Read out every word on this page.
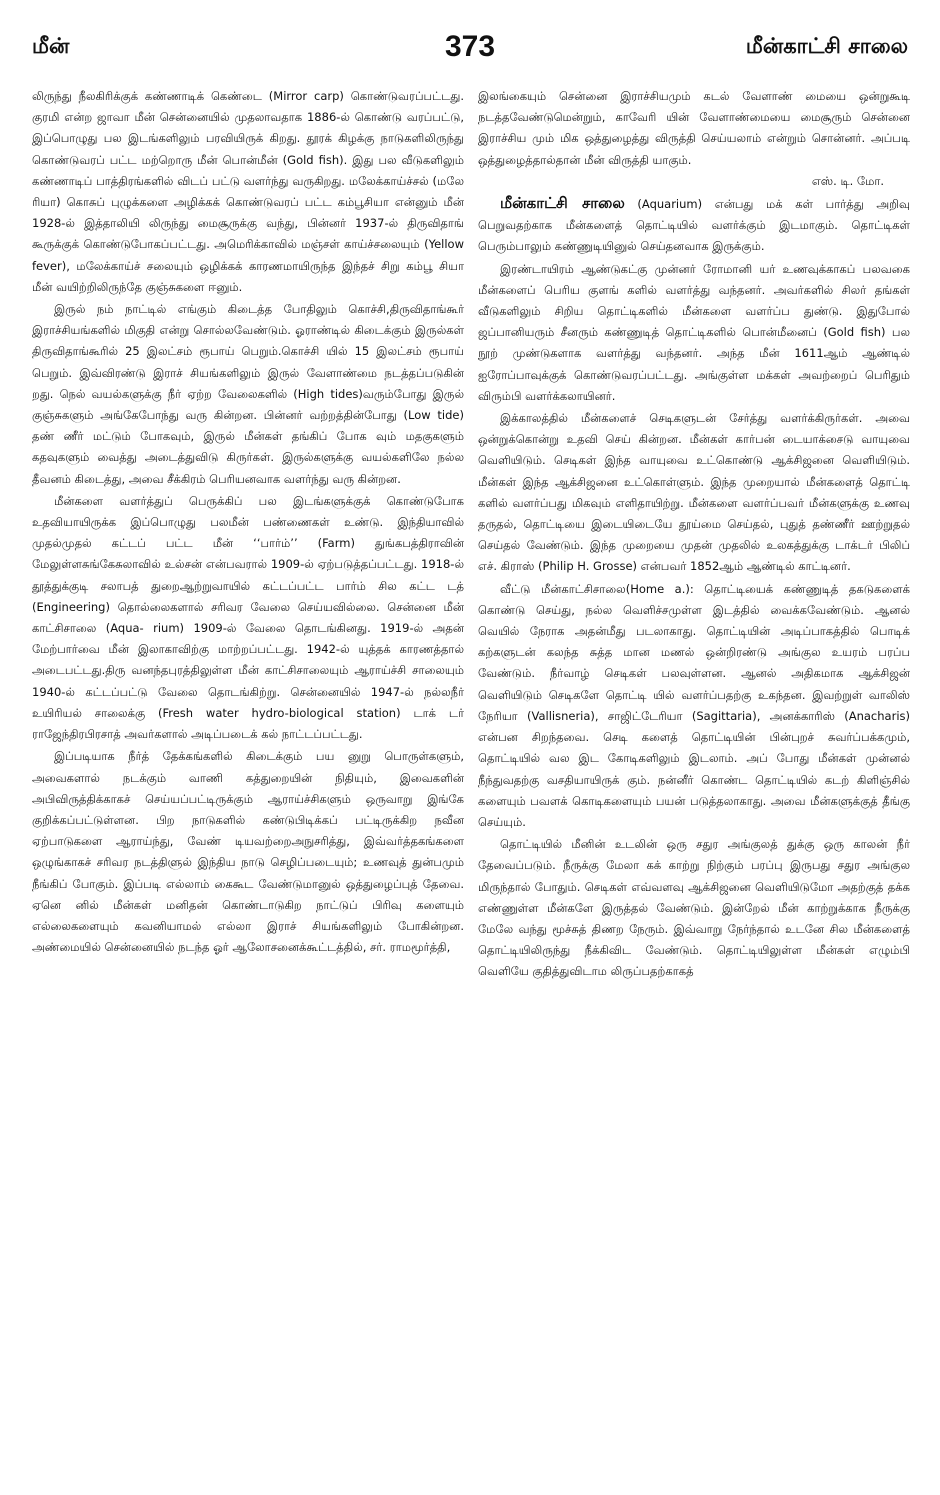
மீன்	373	மீன்காட்சி சாலை

லிருந்து நீலகிரிக்குக் கண்ணாடிக் கெண்டை (Mirror carp) கொண்டுவரப்பட்டது. குரமி என்ற ஜாவா மீன் சென்னையில் முதலாவதாக 1886-ல் கொண்டு வரப்பட்டு, இப்பொழுது பல இடங்களிலும் பரவியிருக் கிறது. தூரக் கிழக்கு நாடுகளிலிருந்து கொண்டுவரப் பட்ட மற்றொரு மீன் பொன்மீன் (Gold fish). இது பல வீடுகளிலும் கண்ணாடிப் பாத்திரங்களில் விடப் பட்டு வளர்ந்து வருகிறது. மலேக்காய்ச்சல் (மலே ரியா) கொசுப் புழுக்களை அழிக்கக் கொண்டுவரப் பட்ட கம்பூசியா என்னும் மீன் 1928-ல் இத்தாலியி லிருந்து மைசூருக்கு வந்து, பின்னர் 1937-ல் திருவிதாங் கூருக்குக் கொண்டுபோகப்பட்டது. அமெரிக்காவில் மஞ்சள் காய்ச்சலையும் (Yellow fever), மலேக்காய்ச் சலையும் ஒழிக்கக் காரணமாயிருந்த இந்தச் சிறு கம்பூ சியா மீன் வயிற்றிலிருந்தே குஞ்சுகளை ஈனும்.

இருல் நம் நாட்டில் எங்கும் கிடைத்த போதிலும் கொச்சி,திருவிதாங்கூர் இராச்சியங்களில் மிகுதி என்று சொல்லவேண்டும். ஓராண்டில் கிடைக்கும் இருல்கள் திருவிதாங்கூரில் 25 இலட்சம் ரூபாய் பெறும்.கொச்சி யில் 15 இலட்சம் ரூபாய் பெறும். இவ்விரண்டு இராச் சியங்களிலும் இருல் வேளாண்மை நடத்தப்படுகின் றது. நெல் வயல்களுக்கு நீர் ஏற்ற வேலைகளில் (High tides)வரும்போது இருல் குஞ்சுகளும் அங்கேபோந்து வரு கின்றன. பின்னர் வற்றத்தின்போது (Low tide) தண் ணீர் மட்டும் போகவும், இருல் மீன்கள் தங்கிப் போக வும் மதகுகளும் கதவுகளும் வைத்து அடைத்துவிடு கிருர்கள். இருல்களுக்கு வயல்களிலே நல்ல தீவனம் கிடைத்து, அவை சீக்கிரம் பெரியனவாக வளர்ந்து வரு கின்றன.

மீன்களை வளர்த்துப் பெருக்கிப் பல இடங்களுக்குக் கொண்டுபோக உதவியாயிருக்க இப்பொழுது பலமீன் பண்ணைகள் உண்டு. இந்தியாவில் முதல்முதல் கட்டப் பட்ட மீன் ‘‘பார்ம்’’ (Farm) துங்கபத்திராவின் மேலுள்ளசுங்கேசுலாவில் உல்சன் என்பவரால் 1909-ல் ஏற்படுத்தப்பட்டது. 1918-ல் தூத்துக்குடி சலாபத் துறைஆற்றுவாயில் கட்டப்பட்ட பார்ம் சில கட்ட டத் (Engineering) தொல்லைகளால் சரிவர வேலை செய்யவில்லை. சென்னை மீன் காட்சிசாலை (Aqua- rium) 1909-ல் வேலை தொடங்கினது. 1919-ல் அதன் மேற்பார்வை மீன் இலாகாவிற்கு மாற்றப்பட்டது. 1942-ல் யுத்தக் காரணத்தால் அடைபட்டது.திரு வனந்தபுரத்திலுள்ள மீன் காட்சிசாலையும் ஆராய்ச்சி சாலையும் 1940-ல் கட்டப்பட்டு வேலை தொடங்கிற்று. சென்னையில் 1947-ல் நல்லநீர் உயிரியல் சாலைக்கு (Fresh water hydro-biological station) டாக் டர் ராஜேந்திரபிரசாத் அவர்களால் அடிப்படைக் கல் நாட்டப்பட்டது.

இப்படியாக நீர்த் தேக்கங்களில் கிடைக்கும் பய னுறு பொருள்களும், அவைகளால் நடக்கும் வாணி கத்துறையின் நிதியும், இவைகளின் அபிவிருத்திக்காகச் செய்யப்பட்டிருக்கும் ஆராய்ச்சிகளும் ஒருவாறு இங்கே குறிக்கப்பட்டுள்ளன. பிற நாடுகளில் கண்டுபிடிக்கப் பட்டிருக்கிற நவீன ஏற்பாடுகளை ஆராய்ந்து, வேண் டியவற்றைஅநுசரித்து, இவ்வர்த்தகங்களை ஒழுங்காகச் சரிவர நடத்திளுல் இந்திய நாடு செழிப்படையும்; உணவுத் துன்பமும் நீங்கிப் போகும். இப்படி எல்லாம் கைகூட வேண்டுமானுல் ஒத்துழைப்புத் தேவை. ஏனெ னில் மீன்கள் மனிதன் கொண்டாடுகிற நாட்டுப் பிரிவு களையும் எல்லைகளையும் கவனியாமல் எல்லா இராச் சியங்களிலும் போகின்றன. அண்மையில் சென்னையில் நடந்த ஓர் ஆலோசனைக்கூட்டத்தில், சர். ராமமூர்த்தி,

இலங்கையும் சென்னை இராச்சியமும் கடல் வேளாண் மையை ஒன்றுகூடி நடத்தவேண்டுமென்றும், காவேரி யின் வேளாண்மையை மைசூரும் சென்னை இராச்சிய மும் மிக ஒத்துழைத்து விருத்தி செய்யலாம் என்றும் சொன்னர். அப்படி ஒத்துழைத்தால்தான் மீன் விருத்தி யாகும்.
எஸ். டி. மோ.

மீன்காட்சி சாலை (Aquarium) என்பது மக் கள் பார்த்து அறிவு பெறுவதற்காக மீன்களைத் தொட்டியில் வளர்க்கும் இடமாகும். தொட்டிகள் பெரும்பாலும் கண்ணுடியினுல் செய்தனவாக இருக்கும்.

இரண்டாயிரம் ஆண்டுகட்கு முன்னர் ரோமானி யர் உணவுக்காகப் பலவகை மீன்களைப் பெரிய குளங் களில் வளர்த்து வந்தனர். அவர்களில் சிலர் தங்கள் வீடுகளிலும் சிறிய தொட்டிகளில் மீன்களை வளர்ப்ப துண்டு. இதுபோல் ஜப்பானியரும் சீனரும் கண்ணுடித் தொட்டிகளில் பொன்மீனைப் (Gold fish) பல நூற் முண்டுகளாக வளர்த்து வந்தனர். அந்த மீன் 1611ஆம் ஆண்டில் ஐரோப்பாவுக்குக் கொண்டுவரப்பட்டது. அங்குள்ள மக்கள் அவற்றைப் பெரிதும் விரும்பி வளர்க்கலாயினர்.

இக்காலத்தில் மீன்களைச் செடிகளுடன் சேர்த்து வளர்க்கிருர்கள். அவை ஒன்றுக்கொன்று உதவி செய் கின்றன. மீன்கள் கார்பன் டையாக்சைடு வாயுவை வெளியிடும். செடிகள் இந்த வாயுவை உட்கொண்டு ஆக்சிஜனை வெளியிடும். மீன்கள் இந்த ஆக்சிஜனை உட்கொள்ளும். இந்த முறையால் மீன்களைத் தொட்டி களில் வளர்ப்பது மிகவும் எளிதாயிற்று. மீன்களை வளர்ப்பவர் மீன்களுக்கு உணவு தருதல், தொட்டியை இடையிடையே தூய்மை செய்தல், புதுத் தண்ணீர் ஊற்றுதல் செய்தல் வேண்டும். இந்த முறையை முதன் முதலில் உலகத்துக்கு டாக்டர் பிலிப் எச். கிராஸ் (Philip H. Grosse) என்பவர் 1852ஆம் ஆண்டில் காட்டினர்.

வீட்டு மீன்காட்சிசாலை(Home a.): தொட்டியைக் கண்ணுடித் தகடுகளைக் கொண்டு செய்து, நல்ல வெளிச்சமுள்ள இடத்தில் வைக்கவேண்டும். ஆனல் வெயில் நேராக அதன்மீது படலாகாது. தொட்டியின் அடிப்பாகத்தில் பொடிக் கற்களுடன் கலந்த சுத்த மான மணல் ஒன்றிரண்டு அங்குல உயரம் பரப்ப வேண்டும். நீர்வாழ் செடிகள் பலவுள்ளன. ஆனல் அதிகமாக ஆக்சிஜன் வெளியிடும் செடிகளே தொட்டி யில் வளர்ப்பதற்கு உகந்தன. இவற்றுள் வாலிஸ் நேரியா (Vallisneria), சாஜிட்டேரியா (Sagittaria), அனக்காரிஸ் (Anacharis) என்பன சிறந்தவை. செடி களைத் தொட்டியின் பின்புறச் சுவர்ப்பக்கமும், தொட்டியில் வல இட கோடிகளிலும் இடலாம். அப் போது மீன்கள் முன்னல் நீந்துவதற்கு வசதியாயிருக் கும். நன்னீர் கொண்ட தொட்டியில் கடற் கிளிஞ்சில் களையும் பவளக் கொடிகளையும் பயன் படுத்தலாகாது. அவை மீன்களுக்குத் தீங்கு செய்யும்.

தொட்டியில் மீனின் உடலின் ஒரு சதுர அங்குலத் துக்கு ஒரு காலன் நீர் தேவைப்படும். நீருக்கு மேலா கக் காற்று நிற்கும் பரப்பு இருபது சதுர அங்குல மிருந்தால் போதும். செடிகள் எவ்வளவு ஆக்சிஜனை வெளியிடுமோ அதற்குத் தக்க எண்ணுள்ள மீன்களே இருத்தல் வேண்டும். இன்றேல் மீன் காற்றுக்காக நீருக்கு மேலே வந்து மூச்சுத் திணற நேரும். இவ்வாறு நேர்ந்தால் உடனே சில மீன்களைத் தொட்டியிலிருந்து நீக்கிவிட வேண்டும். தொட்டியிலுள்ள மீன்கள் எழும்பி வெளியே குதித்துவிடாம லிருப்பதற்காகத்
